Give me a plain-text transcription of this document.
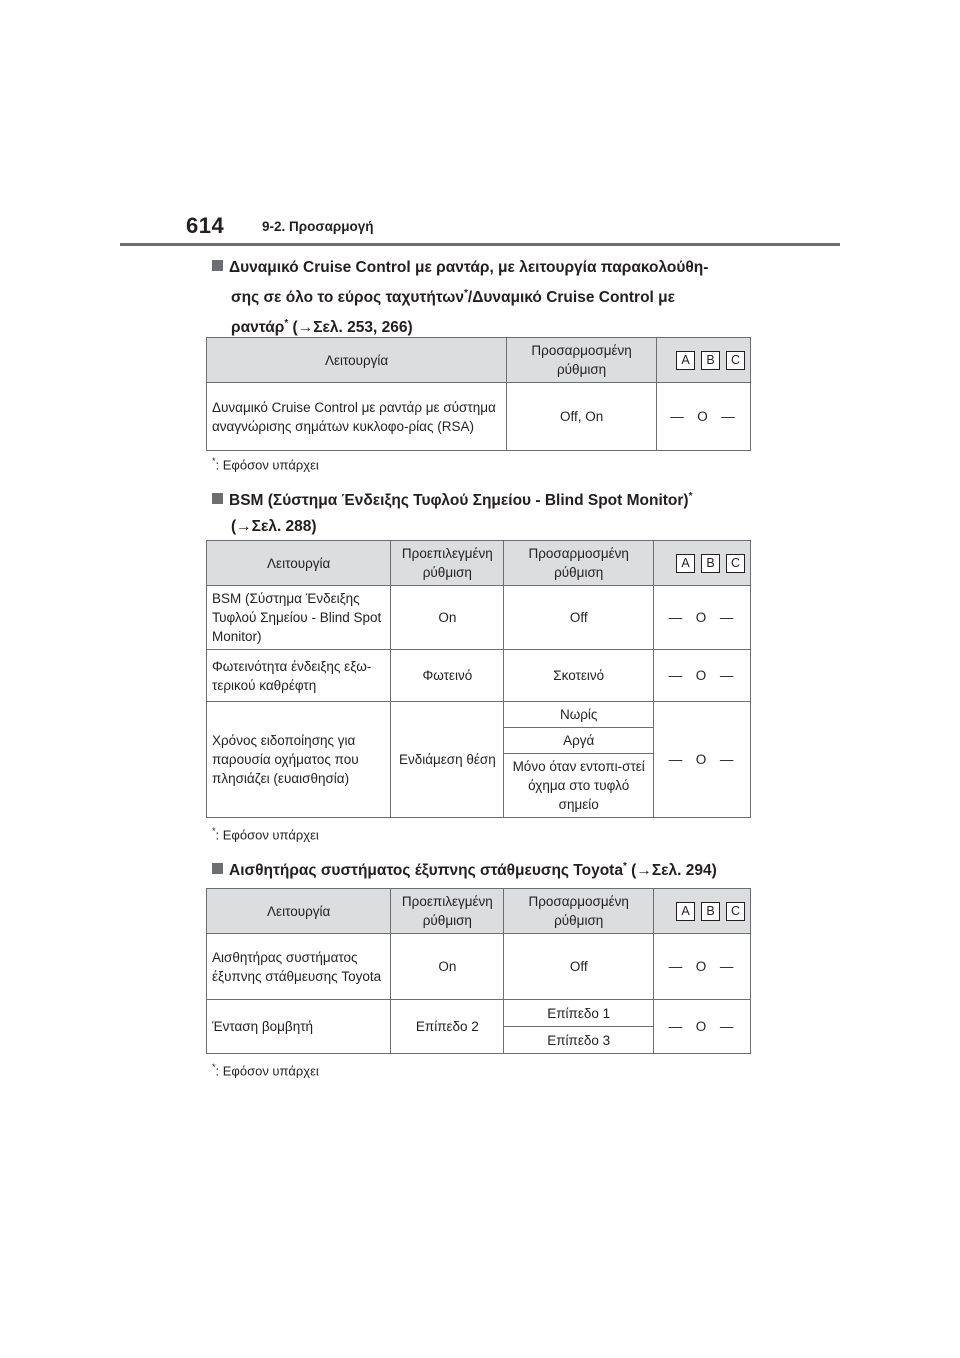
614	9-2. Προσαρμογή
Δυναμικό Cruise Control με ραντάρ, με λειτουργία παρακολούθη-
σης σε όλο το εύρος ταχυτήτων*/Δυναμικό Cruise Control με
ραντάρ* (→Σελ. 253, 266)
Λειτουργία	Προσαρμοσμένη ρύθμιση	A B C
Δυναμικό Cruise Control με ραντάρ με σύστημα αναγνώρισης σημάτων κυκλοφο-ρίας (RSA)	Off, On	— O —
*: Εφόσον υπάρχει
BSM (Σύστημα Ένδειξης Τυφλού Σημείου - Blind Spot Monitor)*
(→Σελ. 288)
Λειτουργία	Προεπιλεγμένη ρύθμιση	Προσαρμοσμένη ρύθμιση	A B C
BSM (Σύστημα Ένδειξης Τυφλού Σημείου - Blind Spot Monitor)	On	Off	— O —
Φωτεινότητα ένδειξης εξω-τερικού καθρέφτη	Φωτεινό	Σκοτεινό	— O —
Χρόνος ειδοποίησης για παρουσία οχήματος που πλησιάζει (ευαισθησία)	Ενδιάμεση θέση	Νωρίς	— O —
		Αργά	
		Μόνο όταν εντοπι-στεί όχημα στο τυφλό σημείο	
*: Εφόσον υπάρχει
Αισθητήρας συστήματος έξυπνης στάθμευσης Toyota* (→Σελ. 294)
Λειτουργία	Προεπιλεγμένη ρύθμιση	Προσαρμοσμένη ρύθμιση	A B C
Αισθητήρας συστήματος έξυπνης στάθμευσης Toyota	On	Off	— O —
Ένταση βομβητή	Επίπεδο 2	Επίπεδο 1	— O —
		Επίπεδο 3	
*: Εφόσον υπάρχει
